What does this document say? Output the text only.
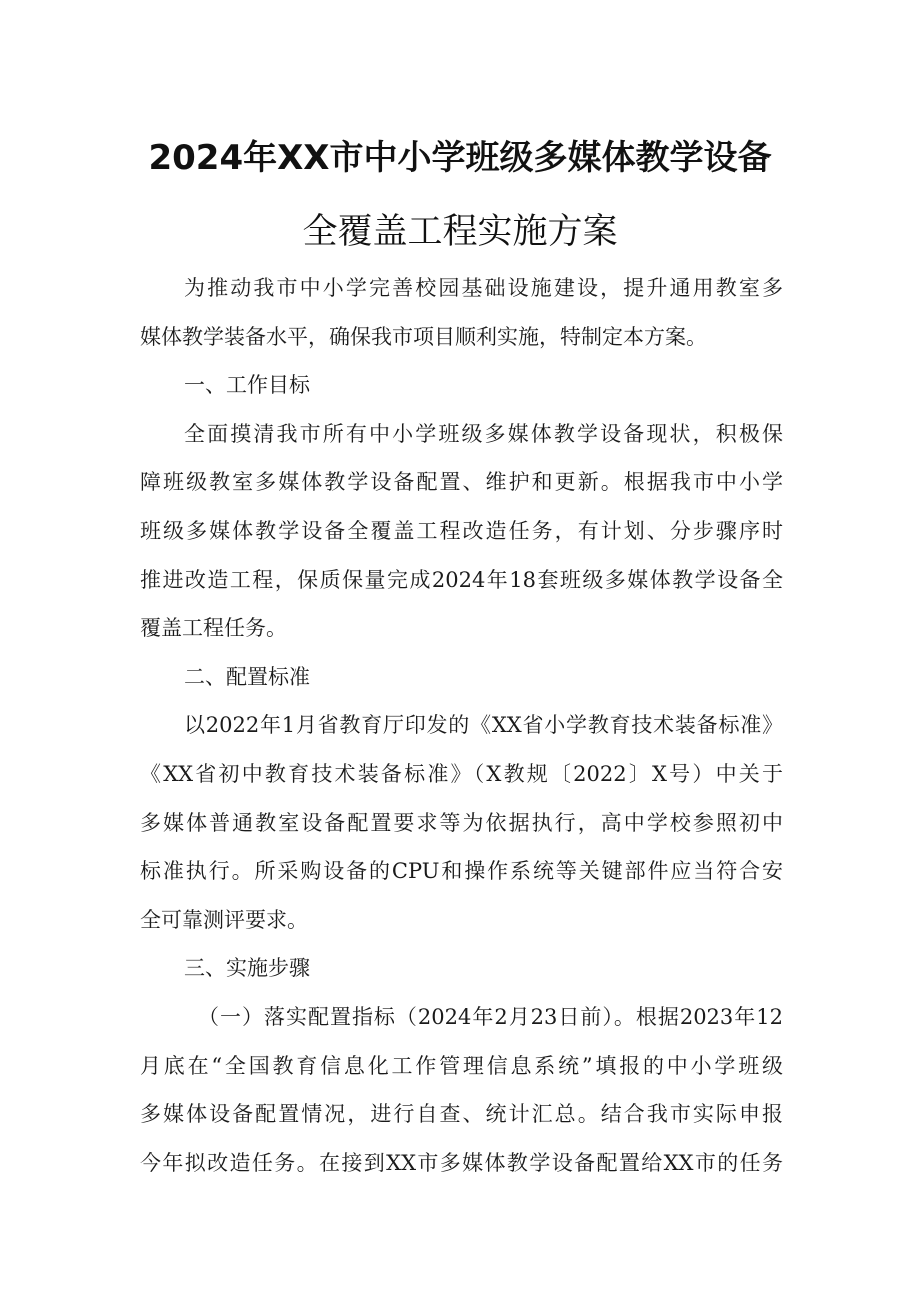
2024年XX市中小学班级多媒体教学设备
全覆盖工程实施方案
为推动我市中小学完善校园基础设施建设，提升通用教室多
媒体教学装备水平，确保我市项目顺利实施，特制定本方案。
一、工作目标
全面摸清我市所有中小学班级多媒体教学设备现状，积极保
障班级教室多媒体教学设备配置、维护和更新。根据我市中小学
班级多媒体教学设备全覆盖工程改造任务，有计划、分步骤序时
推进改造工程，保质保量完成2024年18套班级多媒体教学设备全
覆盖工程任务。
二、配置标准
以2022年1月省教育厅印发的《XX省小学教育技术装备标准》
《XX省初中教育技术装备标准》（X教规〔2022〕X号）中关于
多媒体普通教室设备配置要求等为依据执行，高中学校参照初中
标准执行。所采购设备的CPU和操作系统等关键部件应当符合安
全可靠测评要求。
三、实施步骤
（一）落实配置指标（2024年2月23日前）。根据2023年12
月底在“全国教育信息化工作管理信息系统”填报的中小学班级
多媒体设备配置情况，进行自查、统计汇总。结合我市实际申报
今年拟改造任务。在接到XX市多媒体教学设备配置给XX市的任务
